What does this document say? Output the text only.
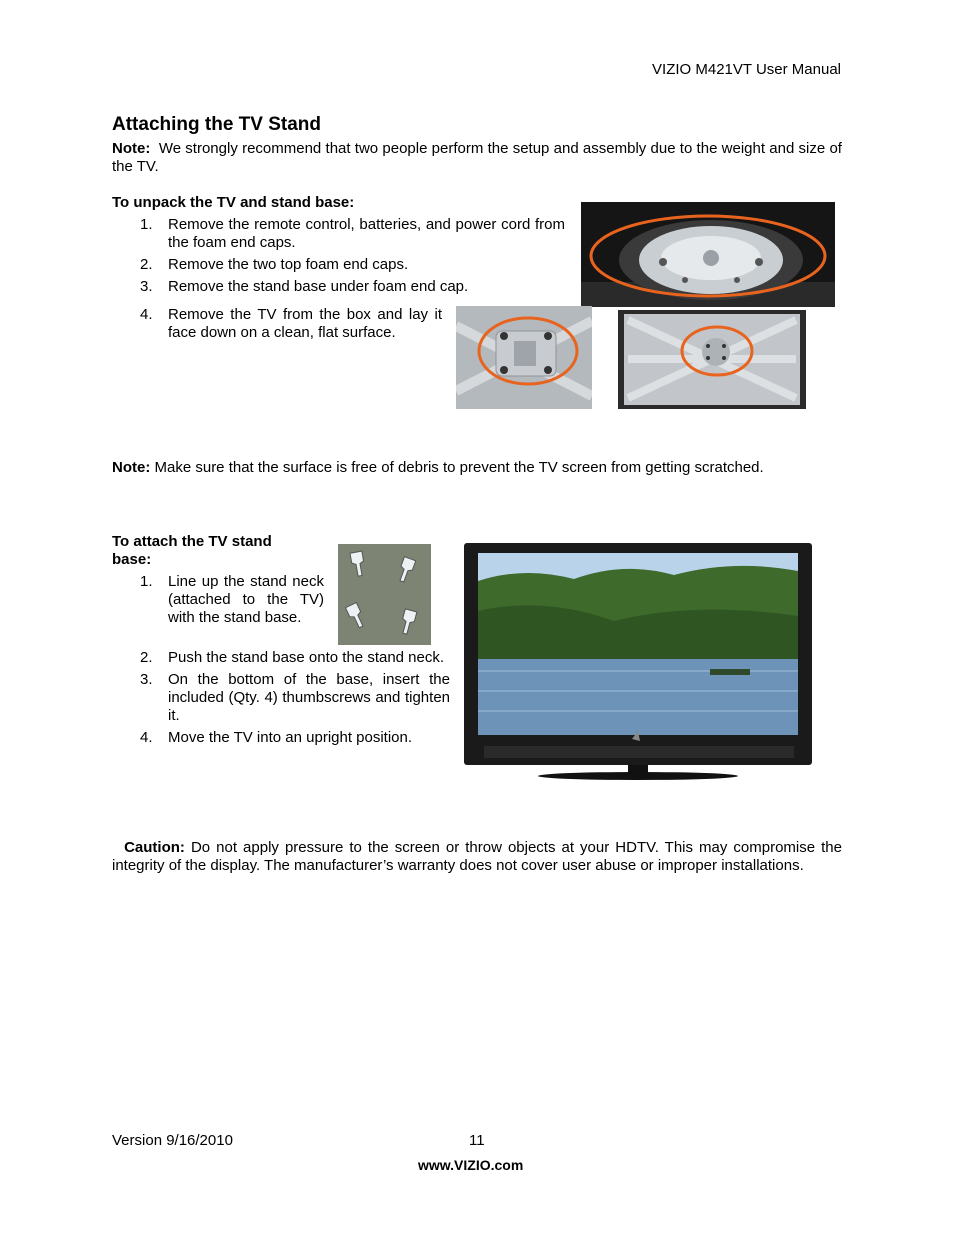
VIZIO M421VT User Manual
Attaching the TV Stand
Note: We strongly recommend that two people perform the setup and assembly due to the weight and size of the TV.
To unpack the TV and stand base:
1. Remove the remote control, batteries, and power cord from the foam end caps.
2. Remove the two top foam end caps.
3. Remove the stand base under foam end cap.
4. Remove the TV from the box and lay it face down on a clean, flat surface.
Note: Make sure that the surface is free of debris to prevent the TV screen from getting scratched.
To attach the TV stand
base:
1. Line up the stand neck (attached to the TV) with the stand base.
2. Push the stand base onto the stand neck.
3. On the bottom of the base, insert the included (Qty. 4) thumbscrews and tighten it.
4. Move the TV into an upright position.
Caution: Do not apply pressure to the screen or throw objects at your HDTV. This may compromise the integrity of the display. The manufacturer’s warranty does not cover user abuse or improper installations.
Version 9/16/2010	11
www.VIZIO.com
